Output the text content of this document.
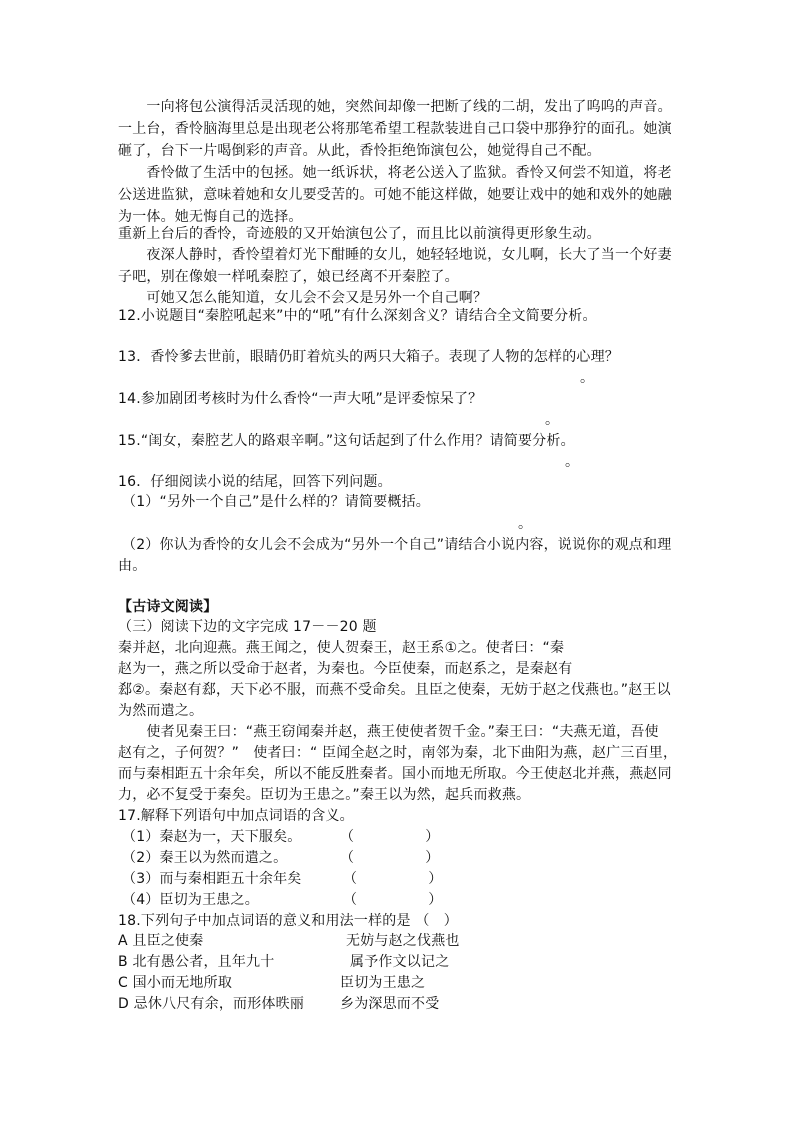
　　一向将包公演得活灵活现的她，突然间却像一把断了线的二胡，发出了呜呜的声音。
一上台，香怜脑海里总是出现老公将那笔希望工程款装进自己口袋中那狰狞的面孔。她演
砸了，台下一片喝倒彩的声音。从此，香怜拒绝饰演包公，她觉得自己不配。
　　香怜做了生活中的包拯。她一纸诉状，将老公送入了监狱。香怜又何尝不知道，将老
公送进监狱，意味着她和女儿要受苦的。可她不能这样做，她要让戏中的她和戏外的她融
为一体。她无悔自己的选择。
重新上台后的香怜，奇迹般的又开始演包公了，而且比以前演得更形象生动。
　　夜深人静时，香怜望着灯光下酣睡的女儿，她轻轻地说，女儿啊，长大了当一个好妻
子吧，别在像娘一样吼秦腔了，娘已经离不开秦腔了。
　　可她又怎么能知道，女儿会不会又是另外一个自己啊？
12.小说题目“秦腔吼起来”中的“吼”有什么深刻含义？请结合全文简要分析。
13．香怜爹去世前，眼睛仍盯着炕头的两只大箱子。表现了人物的怎样的心理？
。
14.参加剧团考核时为什么香怜“一声大吼”是评委惊呆了？
。
15.“闺女，秦腔艺人的路艰辛啊。”这句话起到了什么作用？请简要分析。
。
16．仔细阅读小说的结尾，回答下列问题。
（1）“另外一个自己”是什么样的？请简要概括。
。
（2）你认为香怜的女儿会不会成为“另外一个自己”请结合小说内容，说说你的观点和理
由。
【古诗文阅读】
（三）阅读下边的文字完成 17－－20 题
秦并赵，北向迎燕。燕王闻之，使人贺秦王，赵王系①之。使者曰：“秦
赵为一，燕之所以受命于赵者，为秦也。今臣使秦，而赵系之，是秦赵有
郄②。秦赵有郄，天下必不服，而燕不受命矣。且臣之使秦，无妨于赵之伐燕也。”赵王以
为然而遣之。
　　使者见秦王曰：“燕王窃闻秦并赵，燕王使使者贺千金。”秦王曰：“夫燕无道，吾使
赵有之，子何贺？”　使者曰：“ 臣闻全赵之时，南邻为秦，北下曲阳为燕，赵广三百里，
而与秦相距五十余年矣，所以不能反胜秦者。国小而地无所取。今王使赵北并燕，燕赵同
力，必不复受于秦矣。臣切为王患之。”秦王以为然，起兵而救燕。
17.解释下列语句中加点词语的含义。
（1）秦赵为一，天下服矣。	（　　　　　）
（2）秦王以为然而遣之。	（　　　　　）
（3）而与秦相距五十余年矣	（　　　　　）
（4）臣切为王患之。	（　　　　　）
18.下列句子中加点词语的意义和用法一样的是 （　）
A 且臣之使秦	无妨与赵之伐燕也
B 北有愚公者，且年九十	属予作文以记之
C 国小而无地所取	臣切为王患之
D 忌休八尺有余，而形体昳丽	乡为深思而不受
